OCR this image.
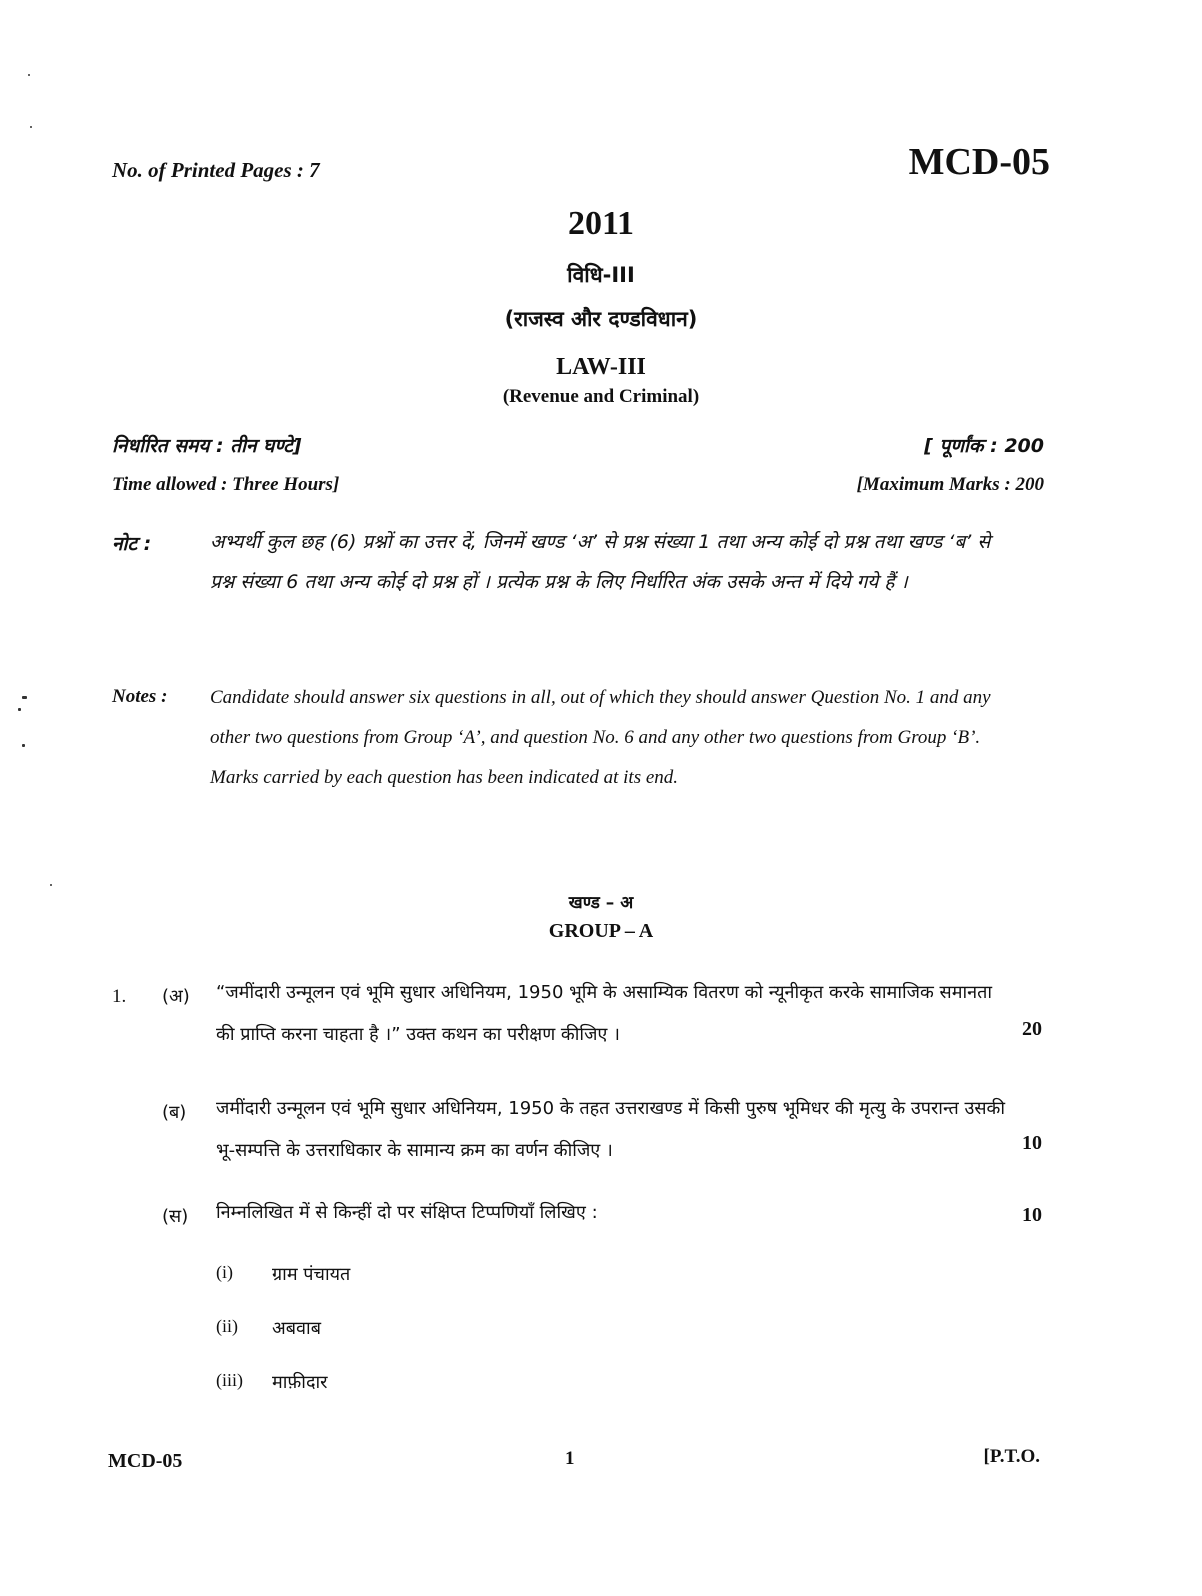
No. of Printed Pages : 7	MCD-05
2011
विधि-III
(राजस्व और दण्डविधान)
LAW-III
(Revenue and Criminal)
निर्धारित समय : तीन घण्टे]	[ पूर्णांक : 200
Time allowed : Three Hours]	[Maximum Marks : 200
नोट :	अभ्यर्थी कुल छह (6) प्रश्नों का उत्तर दें, जिनमें खण्ड ‘अ’ से प्रश्न संख्या 1 तथा अन्य कोई दो प्रश्न तथा खण्ड ‘ब’ से प्रश्न संख्या 6 तथा अन्य कोई दो प्रश्न हों । प्रत्येक प्रश्न के लिए निर्धारित अंक उसके अन्त में दिये गये हैं ।
Notes : Candidate should answer six questions in all, out of which they should answer Question No. 1 and any other two questions from Group ‘A’, and question No. 6 and any other two questions from Group ‘B’. Marks carried by each question has been indicated at its end.
खण्ड – अ
GROUP – A
1. (अ) “जमींदारी उन्मूलन एवं भूमि सुधार अधिनियम, 1950 भूमि के असाम्यिक वितरण को न्यूनीकृत करके सामाजिक समानता की प्राप्ति करना चाहता है ।” उक्त कथन का परीक्षण कीजिए ।	20
(ब) जमींदारी उन्मूलन एवं भूमि सुधार अधिनियम, 1950 के तहत उत्तराखण्ड में किसी पुरुष भूमिधर की मृत्यु के उपरान्त उसकी भू-सम्पत्ति के उत्तराधिकार के सामान्य क्रम का वर्णन कीजिए ।	10
(स) निम्नलिखित में से किन्हीं दो पर संक्षिप्त टिप्पणियाँ लिखिए :	10
(i) ग्राम पंचायत
(ii) अबवाब
(iii) माफ़ीदार
MCD-05	1	[P.T.O.
